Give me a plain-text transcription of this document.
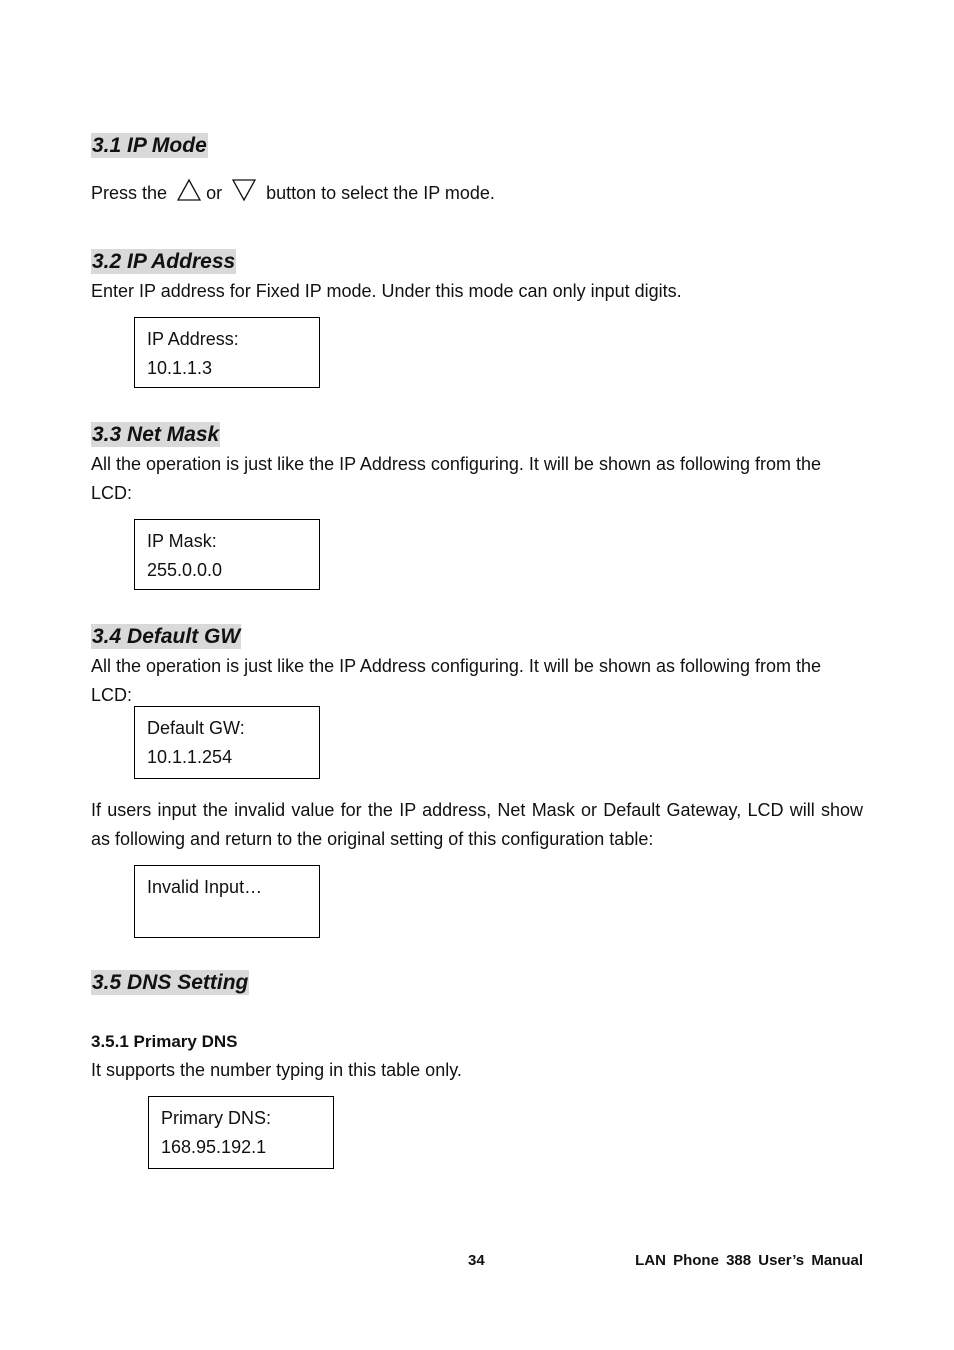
3.1 IP Mode

Press the or button to select the IP mode.

3.2 IP Address

Enter IP address for Fixed IP mode. Under this mode can only input digits.

IP Address:
10.1.1.3
3.3 Net Mask

All the operation is just like the IP Address configuring. It will be shown as following from the LCD:

IP Mask:
255.0.0.0
3.4 Default GW

All the operation is just like the IP Address configuring. It will be shown as following from the LCD:

Default GW:
10.1.1.254

If users input the invalid value for the IP address, Net Mask or Default Gateway, LCD will show as following and return to the original setting of this configuration table:

Invalid Input…
3.5 DNS Setting
3.5.1 Primary DNS

It supports the number typing in this table only.

Primary DNS:
168.95.192.1
34	LAN Phone 388 User’s Manual
